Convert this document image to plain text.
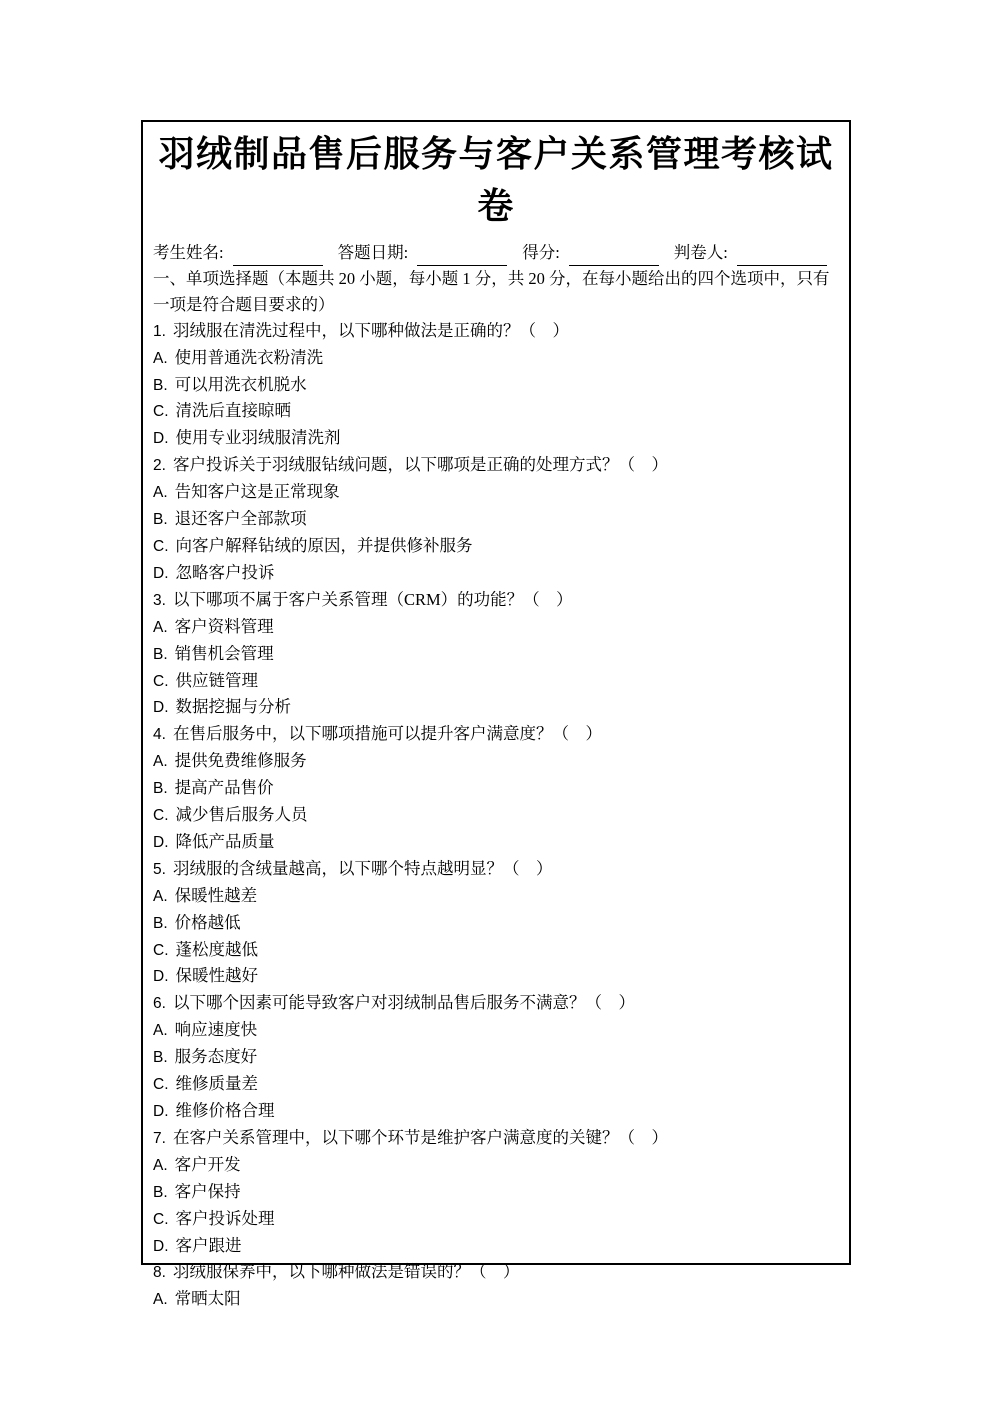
羽绒制品售后服务与客户关系管理考核试卷
考生姓名:	答题日期:	得分:	判卷人:

一、单项选择题（本题共 20 小题，每小题 1 分，共 20 分，在每小题给出的四个选项中，只有一项是符合题目要求的）

1. 羽绒服在清洗过程中，以下哪种做法是正确的？（　）

A. 使用普通洗衣粉清洗

B. 可以用洗衣机脱水

C. 清洗后直接晾晒

D. 使用专业羽绒服清洗剂

2. 客户投诉关于羽绒服钻绒问题，以下哪项是正确的处理方式？（　）

A. 告知客户这是正常现象

B. 退还客户全部款项

C. 向客户解释钻绒的原因，并提供修补服务

D. 忽略客户投诉

3. 以下哪项不属于客户关系管理（CRM）的功能？（　）

A. 客户资料管理

B. 销售机会管理

C. 供应链管理

D. 数据挖掘与分析

4. 在售后服务中，以下哪项措施可以提升客户满意度？（　）

A. 提供免费维修服务

B. 提高产品售价

C. 减少售后服务人员

D. 降低产品质量

5. 羽绒服的含绒量越高，以下哪个特点越明显？（　）

A. 保暖性越差

B. 价格越低

C. 蓬松度越低

D. 保暖性越好

6. 以下哪个因素可能导致客户对羽绒制品售后服务不满意？（　）

A. 响应速度快

B. 服务态度好

C. 维修质量差

D. 维修价格合理

7. 在客户关系管理中，以下哪个环节是维护客户满意度的关键？（　）

A. 客户开发

B. 客户保持

C. 客户投诉处理

D. 客户跟进

8. 羽绒服保养中，以下哪种做法是错误的？（　）

A. 常晒太阳
